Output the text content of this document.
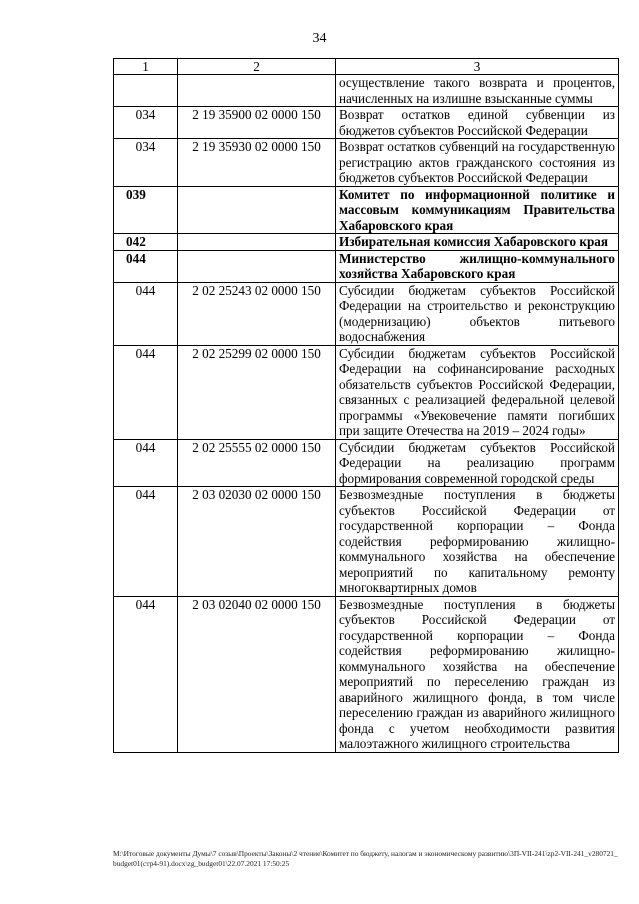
34
1	2	3
		осуществление такого возврата и процентов, начисленных на излишне взысканные суммы
034	2 19 35900 02 0000 150	Возврат остатков единой субвенции из бюджетов субъектов Российской Федерации
034	2 19 35930 02 0000 150	Возврат остатков субвенций на государственную регистрацию актов гражданского состояния из бюджетов субъектов Российской Федерации
039		Комитет по информационной политике и массовым коммуникациям Правительства Хабаровского края
042		Избирательная комиссия Хабаровского края
044		Министерство жилищно-коммунального хозяйства Хабаровского края
044	2 02 25243 02 0000 150	Субсидии бюджетам субъектов Российской Федерации на строительство и реконструкцию (модернизацию) объектов питьевого водоснабжения
044	2 02 25299 02 0000 150	Субсидии бюджетам субъектов Российской Федерации на софинансирование расходных обязательств субъектов Российской Федерации, связанных с реализацией федеральной целевой программы «Увековечение памяти погибших при защите Отечества на 2019 – 2024 годы»
044	2 02 25555 02 0000 150	Субсидии бюджетам субъектов Российской Федерации на реализацию программ формирования современной городской среды
044	2 03 02030 02 0000 150	Безвозмездные поступления в бюджеты субъектов Российской Федерации от государственной корпорации – Фонда содействия реформированию жилищно-коммунального хозяйства на обеспечение мероприятий по капитальному ремонту многоквартирных домов
044	2 03 02040 02 0000 150	Безвозмездные поступления в бюджеты субъектов Российской Федерации от государственной корпорации – Фонда содействия реформированию жилищно-коммунального хозяйства на обеспечение мероприятий по переселению граждан из аварийного жилищного фонда, в том числе переселению граждан из аварийного жилищного фонда с учетом необходимости развития малоэтажного жилищного строительства
M:\Итоговые документы Думы\7 созыв\Проекты\Законы\2 чтение\Комитет по бюджету, налогам и экономическому развитию\3П-VII-241\zp2-VII-241_v280721_budget01(стр4-91).docx\zg_budget01\22.07.2021 17:50:25
